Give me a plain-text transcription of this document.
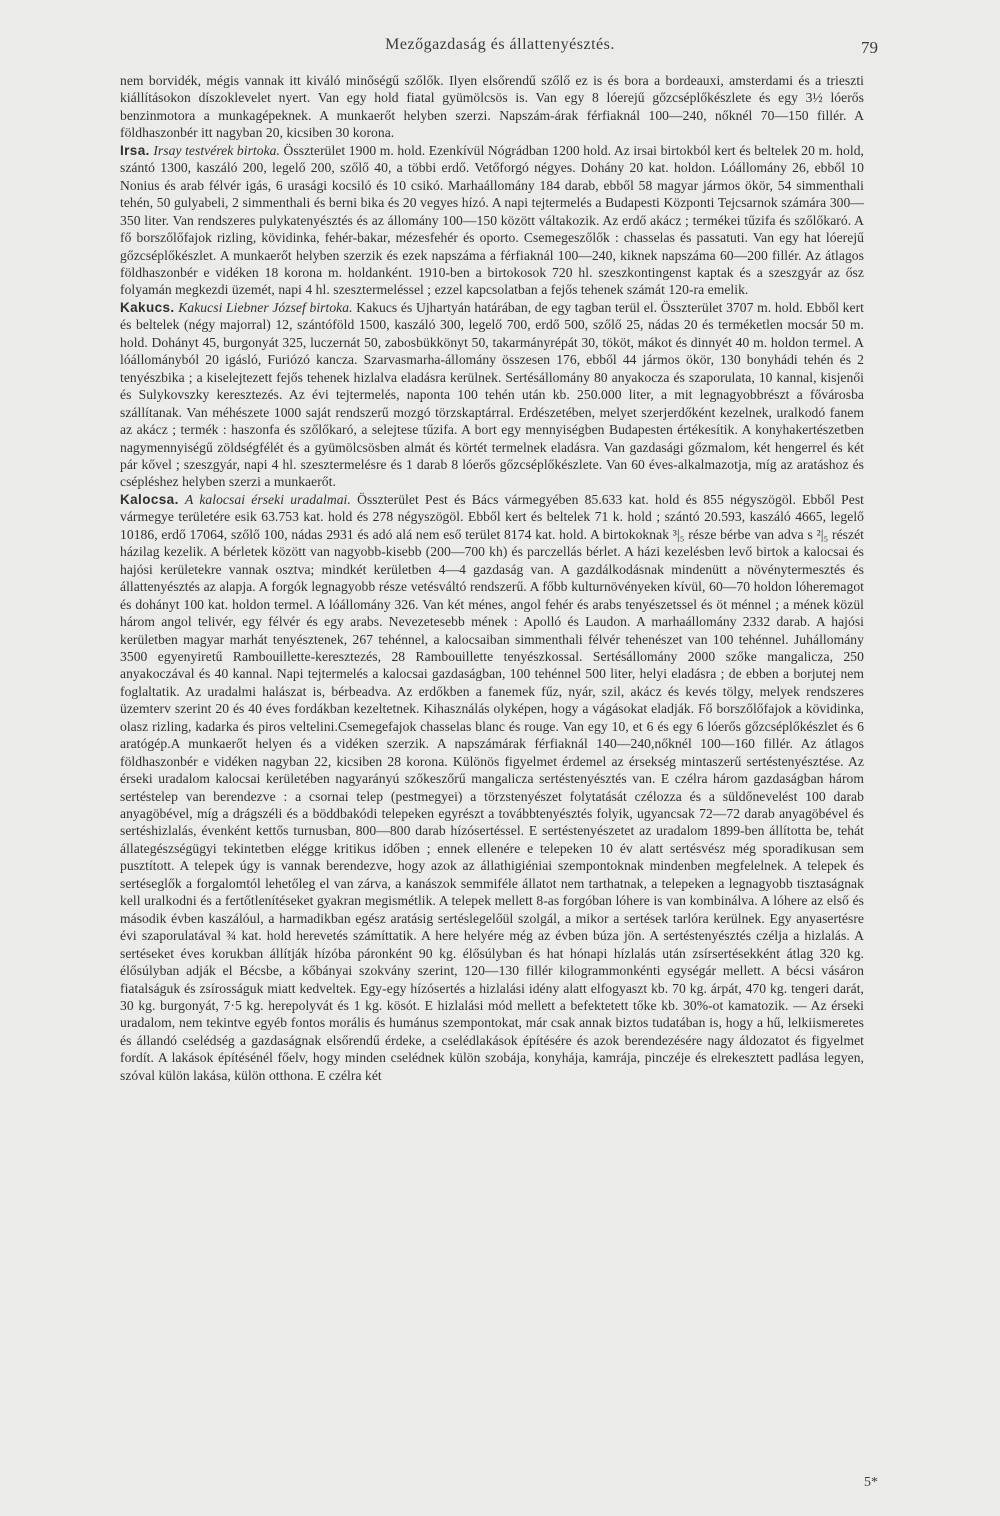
Mezőgazdaság és állattenyésztés.	79

nem borvidék, mégis vannak itt kiváló minőségű szőlők. Ilyen elsőrendű szőlő ez is és bora a bordeauxi, amsterdami és a trieszti kiállításokon díszoklevelet nyert. Van egy hold fiatal gyümölcsös is. Van egy 8 lóerejű gőzcséplőkészlete és egy 3½ lóerős benzinmotora a munkagépeknek. A munkaerőt helyben szerzi. Napszám-árak férfiaknál 100—240, nőknél 70—150 fillér. A földhaszonbér itt nagyban 20, kicsiben 30 korona.

Irsa. Irsay testvérek birtoka. Összterület 1900 m. hold. Ezenkívül Nógrádban 1200 hold. Az irsai birtokból kert és beltelek 20 m. hold, szántó 1300, kaszáló 200, legelő 200, szőlő 40, a többi erdő. Vetőforgó négyes. Dohány 20 kat. holdon. Lóállomány 26, ebből 10 Nonius és arab félvér igás, 6 urasági kocsiló és 10 csikó. Marhaállomány 184 darab, ebből 58 magyar jármos ökör, 54 simmenthali tehén, 50 gulyabeli, 2 simmenthali és berni bika és 20 vegyes hízó. A napi tejtermelés a Budapesti Központi Tejcsarnok számára 300—350 liter. Van rendszeres pulykatenyésztés és az állomány 100—150 között váltakozik. Az erdő akácz ; termékei tűzifa és szőlőkaró. A fő borszőlőfajok rizling, kövidinka, fehér-bakar, mézesfehér és oporto. Csemegeszőlők : chasselas és passatuti. Van egy hat lóerejű gőzcséplőkészlet. A munkaerőt helyben szerzik és ezek napszáma a férfiaknál 100—240, kiknek napszáma 60—200 fillér. Az átlagos földhaszonbér e vidéken 18 korona m. holdanként. 1910-ben a birtokosok 720 hl. szeszkontingenst kaptak és a szeszgyár az ősz folyamán megkezdi üzemét, napi 4 hl. szesztermeléssel ; ezzel kapcsolatban a fejős tehenek számát 120-ra emelik.

Kakucs. Kakucsi Liebner József birtoka. Kakucs és Ujhartyán határában, de egy tagban terül el. Összterület 3707 m. hold. Ebből kert és beltelek (négy majorral) 12, szántóföld 1500, kaszáló 300, legelő 700, erdő 500, szőlő 25, nádas 20 és terméketlen mocsár 50 m. hold. Dohányt 45, burgonyát 325, luczernát 50, zabosbükkönyt 50, takarmányrépát 30, tököt, mákot és dinnyét 40 m. holdon termel. A lóállományból 20 igásló, Furiózó kancza. Szarvasmarha-állomány összesen 176, ebből 44 jármos ökör, 130 bonyhádi tehén és 2 tenyészbika ; a kiselejtezett fejős tehenek hizlalva eladásra kerülnek. Sertésállomány 80 anyakocza és szaporulata, 10 kannal, kisjenői és Sulykovszky keresztezés. Az évi tejtermelés, naponta 100 tehén után kb. 250.000 liter, a mit legnagyobbrészt a fővárosba szállítanak. Van méhészete 1000 saját rendszerű mozgó törzskaptárral. Erdészetében, melyet szerjerdőként kezelnek, uralkodó fanem az akácz ; termék : haszonfa és szőlőkaró, a selejtese tűzifa. A bort egy mennyiségben Budapesten értékesítik. A konyhakertészetben nagymennyiségű zöldségfélét és a gyümölcsösben almát és körtét termelnek eladásra. Van gazdasági gőzmalom, két hengerrel és két pár kővel ; szeszgyár, napi 4 hl. szesztermelésre és 1 darab 8 lóerős gőzcséplőkészlete. Van 60 éves-alkalmazotja, míg az aratáshoz és csépléshez helyben szerzi a munkaerőt.

Kalocsa. A kalocsai érseki uradalmai. Összterület Pest és Bács vármegyében 85.633 kat. hold és 855 négyszögöl. Ebből Pest vármegye területére esik 63.753 kat. hold és 278 négyszögöl. Ebből kert és beltelek 71 k. hold ; szántó 20.593, kaszáló 4665, legelő 10186, erdő 17064, szőlő 100, nádas 2931 és adó alá nem eső terület 8174 kat. hold. A birtokoknak ³|₅ része bérbe van adva s ²|₅ részét házilag kezelik. A bérletek között van nagyobb-kisebb (200—700 kh) és parczellás bérlet. A házi kezelésben levő birtok a kalocsai és hajósi kerületekre vannak osztva; mindkét kerületben 4—4 gazdaság van. A gazdálkodásnak mindenütt a növénytermesztés és állattenyésztés az alapja. A forgók legnagyobb része vetésváltó rendszerű. A főbb kulturnövényeken kívül, 60—70 holdon lóheremagot és dohányt 100 kat. holdon termel. A lóállomány 326. Van két ménes, angol fehér és arabs tenyészetssel és öt ménnel ; a mének közül három angol telivér, egy félvér és egy arabs. Nevezetesebb mének : Apolló és Laudon. A marhaállomány 2332 darab. A hajósi kerületben magyar marhát tenyésztenek, 267 tehénnel, a kalocsaiban simmenthali félvér tehenészet van 100 tehénnel. Juhállomány 3500 egyenyiretű Rambouillette-keresztezés, 28 Rambouillette tenyészkossal. Sertésállomány 2000 szőke mangalicza, 250 anyakoczával és 40 kannal. Napi tejtermelés a kalocsai gazdaságban, 100 tehénnel 500 liter, helyi eladásra ; de ebben a borjutej nem foglaltatik. Az uradalmi halászat is, bérbeadva. Az erdőkben a fanemek fűz, nyár, szil, akácz és kevés tölgy, melyek rendszeres üzemterv szerint 20 és 40 éves fordákban kezeltetnek. Kihasználás olyképen, hogy a vágásokat eladják. Fő borszőlőfajok a kövidinka, olasz rizling, kadarka és piros veltelini.Csemegefajok chasselas blanc és rouge. Van egy 10, et 6 és egy 6 lóerős gőzcséplőkészlet és 6 aratógép.A munkaerőt helyen és a vidéken szerzik. A napszámárak férfiaknál 140—240,nőknél 100—160 fillér. Az átlagos földhaszonbér e vidéken nagyban 22, kicsiben 28 korona. Különös figyelmet érdemel az érsekség mintaszerű sertéstenyésztése. Az érseki uradalom kalocsai kerületében nagyarányú szőkeszőrű mangalicza sertéstenyésztés van. E czélra három gazdaságban három sertéstelep van berendezve : a csornai telep (pestmegyei) a törzstenyészet folytatását czélozza és a süldőnevelést 100 darab anyagöbével, míg a drágszéli és a böddbakódi telepeken egyrészt a továbbtenyésztés folyik, ugyancsak 72—72 darab anyagöbével és sertéshizlalás, évenként kettős turnusban, 800—800 darab hízósertéssel. E sertéstenyészetet az uradalom 1899-ben állította be, tehát állategészségügyi tekintetben elégge kritikus időben ; ennek ellenére e telepeken 10 év alatt sertésvész még sporadikusan sem pusztított. A telepek úgy is vannak berendezve, hogy azok az állathigiéniai szempontoknak mindenben megfelelnek. A telepek és sertéseglők a forgalomtól lehetőleg el van zárva, a kanászok semmiféle állatot nem tarthatnak, a telepeken a legnagyobb tisztaságnak kell uralkodni és a fertőtlenítéseket gyakran megismétlik. A telepek mellett 8-as forgóban lóhere is van kombinálva. A lóhere az első és második évben kaszálóul, a harmadikban egész aratásig sertéslegelőül szolgál, a mikor a sertések tarlóra kerülnek. Egy anyasertésre évi szaporulatával ¾ kat. hold herevetés számíttatik. A here helyére még az évben búza jön. A sertéstenyésztés czélja a hizlalás. A sertéseket éves korukban állítják hízóba páronként 90 kg. élősúlyban és hat hónapi hízlalás után zsírsertésekként átlag 320 kg. élősúlyban adják el Bécsbe, a kőbányai szokvány szerint, 120—130 fillér kilogrammonkénti egységár mellett. A bécsi vásáron fiatalságuk és zsírosságuk miatt kedveltek. Egy-egy hízósertés a hizlalási idény alatt elfogyaszt kb. 70 kg. árpát, 470 kg. tengeri darát, 30 kg. burgonyát, 7·5 kg. herepolyvát és 1 kg. kösót. E hizlalási mód mellett a befektetett tőke kb. 30%-ot kamatozik. — Az érseki uradalom, nem tekintve egyéb fontos morális és humánus szempontokat, már csak annak biztos tudatában is, hogy a hű, lelkiismeretes és állandó cselédség a gazdaságnak elsőrendű érdeke, a cselédlakások építésére és azok berendezésére nagy áldozatot és figyelmet fordít. A lakások építésénél főelv, hogy minden cselédnek külön szobája, konyhája, kamrája, pinczéje és elrekesztett padlása legyen, szóval külön lakása, külön otthona. E czélra két

5*
